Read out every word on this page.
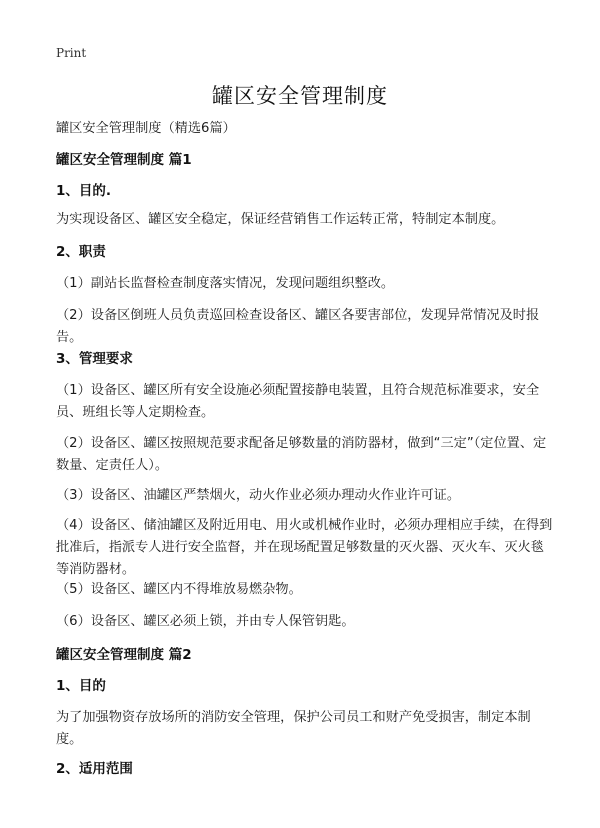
Print
罐区安全管理制度
罐区安全管理制度（精选6篇）
罐区安全管理制度 篇1
1、目的.
为实现设备区、罐区安全稳定，保证经营销售工作运转正常，特制定本制度。
2、职责
（1）副站长监督检查制度落实情况，发现问题组织整改。
（2）设备区倒班人员负责巡回检查设备区、罐区各要害部位，发现异常情况及时报告。
3、管理要求
（1）设备区、罐区所有安全设施必须配置接静电装置，且符合规范标准要求，安全员、班组长等人定期检查。
（2）设备区、罐区按照规范要求配备足够数量的消防器材，做到“三定”（定位置、定数量、定责任人）。
（3）设备区、油罐区严禁烟火，动火作业必须办理动火作业许可证。
（4）设备区、储油罐区及附近用电、用火或机械作业时，必须办理相应手续，在得到批准后，指派专人进行安全监督，并在现场配置足够数量的灭火器、灭火车、灭火毯等消防器材。
（5）设备区、罐区内不得堆放易燃杂物。
（6）设备区、罐区必须上锁，并由专人保管钥匙。
罐区安全管理制度 篇2
1、目的
为了加强物资存放场所的消防安全管理，保护公司员工和财产免受损害，制定本制度。
2、适用范围
